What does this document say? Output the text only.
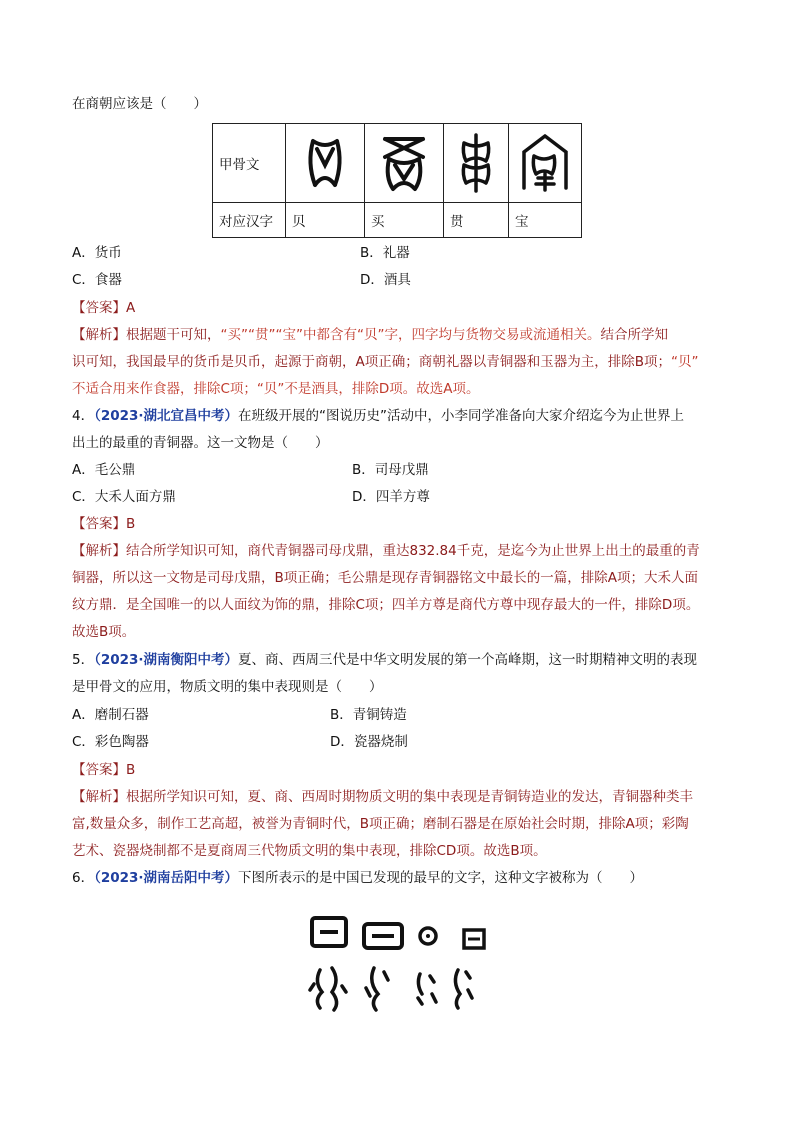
在商朝应该是（　　）
甲骨文	

对应汉字	贝	买	贯	宝
A．货币	B．礼器
C．食器	D．酒具
【答案】A
【解析】根据题干可知，“买”“贯”“宝”中都含有“贝”字，四字均与货物交易或流通相关。结合所学知
识可知，我国最早的货币是贝币，起源于商朝，A项正确；商朝礼器以青铜器和玉器为主，排除B项；“贝”
不适合用来作食器，排除C项；“贝”不是酒具，排除D项。故选A项。
4．（2023·湖北宜昌中考）在班级开展的“图说历史”活动中，小李同学准备向大家介绍迄今为止世界上
出土的最重的青铜器。这一文物是（　　）
A．毛公鼎	B．司母戊鼎
C．大禾人面方鼎	D．四羊方尊
【答案】B
【解析】结合所学知识可知，商代青铜器司母戊鼎，重达832.84千克，是迄今为止世界上出土的最重的青
铜器，所以这一文物是司母戊鼎，B项正确；毛公鼎是现存青铜器铭文中最长的一篇，排除A项；大禾人面
纹方鼎．是全国唯一的以人面纹为饰的鼎，排除C项；四羊方尊是商代方尊中现存最大的一件，排除D项。
故选B项。
5．（2023·湖南衡阳中考）夏、商、西周三代是中华文明发展的第一个高峰期，这一时期精神文明的表现
是甲骨文的应用，物质文明的集中表现则是（　　）
A．磨制石器	B．青铜铸造
C．彩色陶器	D．瓷器烧制
【答案】B
【解析】根据所学知识可知，夏、商、西周时期物质文明的集中表现是青铜铸造业的发达，青铜器种类丰
富,数量众多，制作工艺高超，被誉为青铜时代，B项正确；磨制石器是在原始社会时期，排除A项；彩陶
艺术、瓷器烧制都不是夏商周三代物质文明的集中表现，排除CD项。故选B项。
6．（2023·湖南岳阳中考）下图所表示的是中国已发现的最早的文字，这种文字被称为（　　）
